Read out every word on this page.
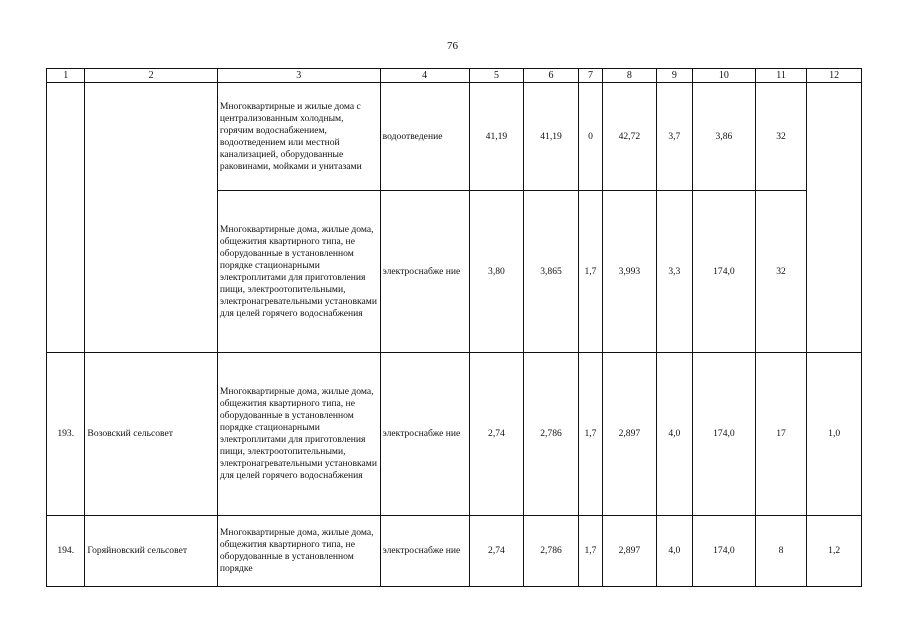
76
1	2	3	4	5	6	7	8	9	10	11	12

		Многоквартирные и жилые дома с централизованным холодным, горячим водоснабжением, водоотведением или местной канализацией, оборудованные раковинами, мойками и унитазами	водоотведение	41,19	41,19	0	42,72	3,7	3,86	32	

		Многоквартирные дома, жилые дома, общежития квартирного типа, не оборудованные в установленном порядке стационарными электроплитами для приготовления пищи, электроотопительными, электронагревательными установками для целей горячего водоснабжения	электроснабже ние	3,80	3,865	1,7	3,993	3,3	174,0	32	
193.	Возовский сельсовет	Многоквартирные дома, жилые дома, общежития квартирного типа, не оборудованные в установленном порядке стационарными электроплитами для приготовления пищи, электроотопительными, электронагревательными установками для целей горячего водоснабжения	электроснабже ние	2,74	2,786	1,7	2,897	4,0	174,0	17	1,0
194.	Горяйновский сельсовет	Многоквартирные дома, жилые дома, общежития квартирного типа, не оборудованные в установленном порядке	электроснабже ние	2,74	2,786	1,7	2,897	4,0	174,0	8	1,2
